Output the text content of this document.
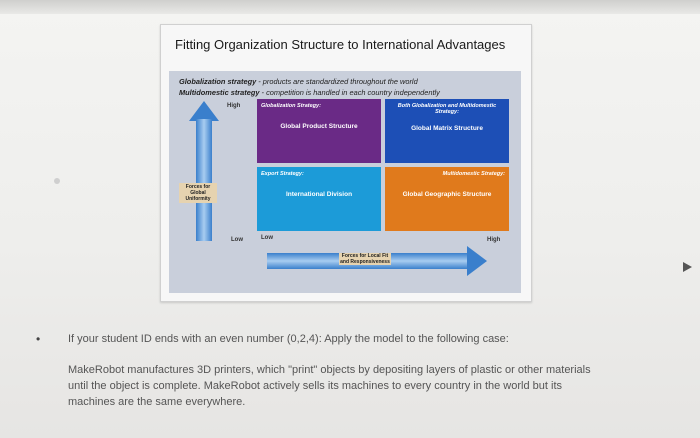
Fitting Organization Structure to International Advantages
Globalization strategy - products are standardized throughout the world
Multidomestic strategy - competition is handled in each country independently
High
Low
Forces for Global Uniformity
Globalization Strategy:
Global Product Structure
Both Globalization and Multidomestic Strategy:
Global Matrix Structure
Export Strategy:
International Division
Multidomestic Strategy:
Global Geographic Structure
Low	High
Forces for Local Fit and Responsiveness
•	If your student ID ends with an even number (0,2,4): Apply the model to the following case:
MakeRobot manufactures 3D printers, which "print" objects by depositing layers of plastic or other materials
until the object is complete. MakeRobot actively sells its machines to every country in the world but its
machines are the same everywhere.
